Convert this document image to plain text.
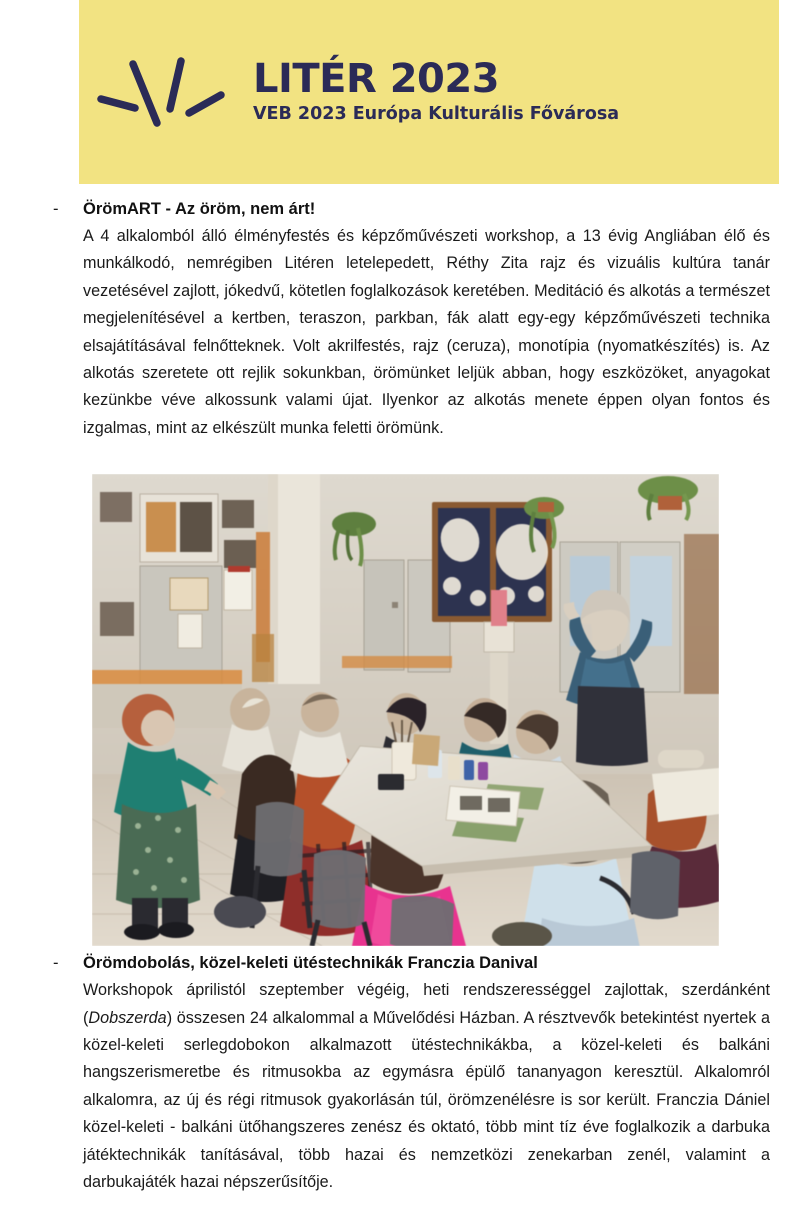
LITÉR 2023
VEB 2023 Európa Kulturális Fővárosa
- ÖrömART - Az öröm, nem árt!

A 4 alkalomból álló élményfestés és képzőművészeti workshop, a 13 évig Angliában élő és munkálkodó, nemrégiben Litéren letelepedett, Réthy Zita rajz és vizuális kultúra tanár vezetésével zajlott, jókedvű, kötetlen foglalkozások keretében. Meditáció és alkotás a természet megjelenítésével a kertben, teraszon, parkban, fák alatt egy-egy képzőművészeti technika elsajátításával felnőtteknek. Volt akrilfestés, rajz (ceruza), monotípia (nyomatkészítés) is. Az alkotás szeretete ott rejlik sokunkban, örömünket leljük abban, hogy eszközöket, anyagokat kezünkbe véve alkossunk valami újat. Ilyenkor az alkotás menete éppen olyan fontos és izgalmas, mint az elkészült munka feletti örömünk.

- Örömdobolás, közel-keleti ütéstechnikák Franczia Danival

Workshopok áprilistól szeptember végéig, heti rendszerességgel zajlottak, szerdánként (Dobszerda) összesen 24 alkalommal a Művelődési Házban. A résztvevők betekintést nyertek a közel-keleti serlegdobokon alkalmazott ütéstechnikákba, a közel-keleti és balkáni hangszerismeretbe és ritmusokba az egymásra épülő tananyagon keresztül. Alkalomról alkalomra, az új és régi ritmusok gyakorlásán túl, örömzenélésre is sor került. Franczia Dániel közel-keleti - balkáni ütőhangszeres zenész és oktató, több mint tíz éve foglalkozik a darbuka játéktechnikák tanításával, több hazai és nemzetközi zenekarban zenél, valamint a darbukajáték hazai népszerűsítője.
